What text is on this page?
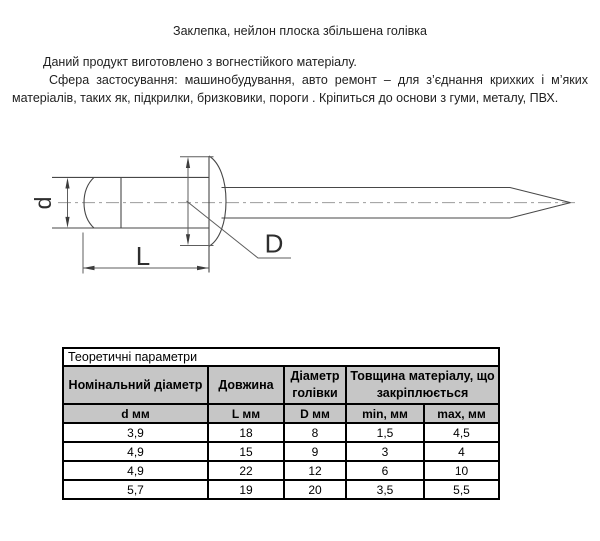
Заклепка, нейлон плоска збільшена голівка
Даний продукт виготовлено з вогнестійкого матеріалу.
Сфера застосування: машинобудування, авто ремонт – для з’єднання крихких і м’яких
матеріалів, таких як, підкрилки, бризковики, пороги . Кріпиться до основи з гуми, металу, ПВХ.
d
L	D
Теоретичні параметри				
Номінальний діаметр	Довжина	Діаметр голівки	Товщина матеріалу, що закріплюється	
d мм	L мм	D мм	min, мм	max, мм
3,9	18	8	1,5	4,5
4,9	15	9	3	4
4,9	22	12	6	10
5,7	19	20	3,5	5,5
